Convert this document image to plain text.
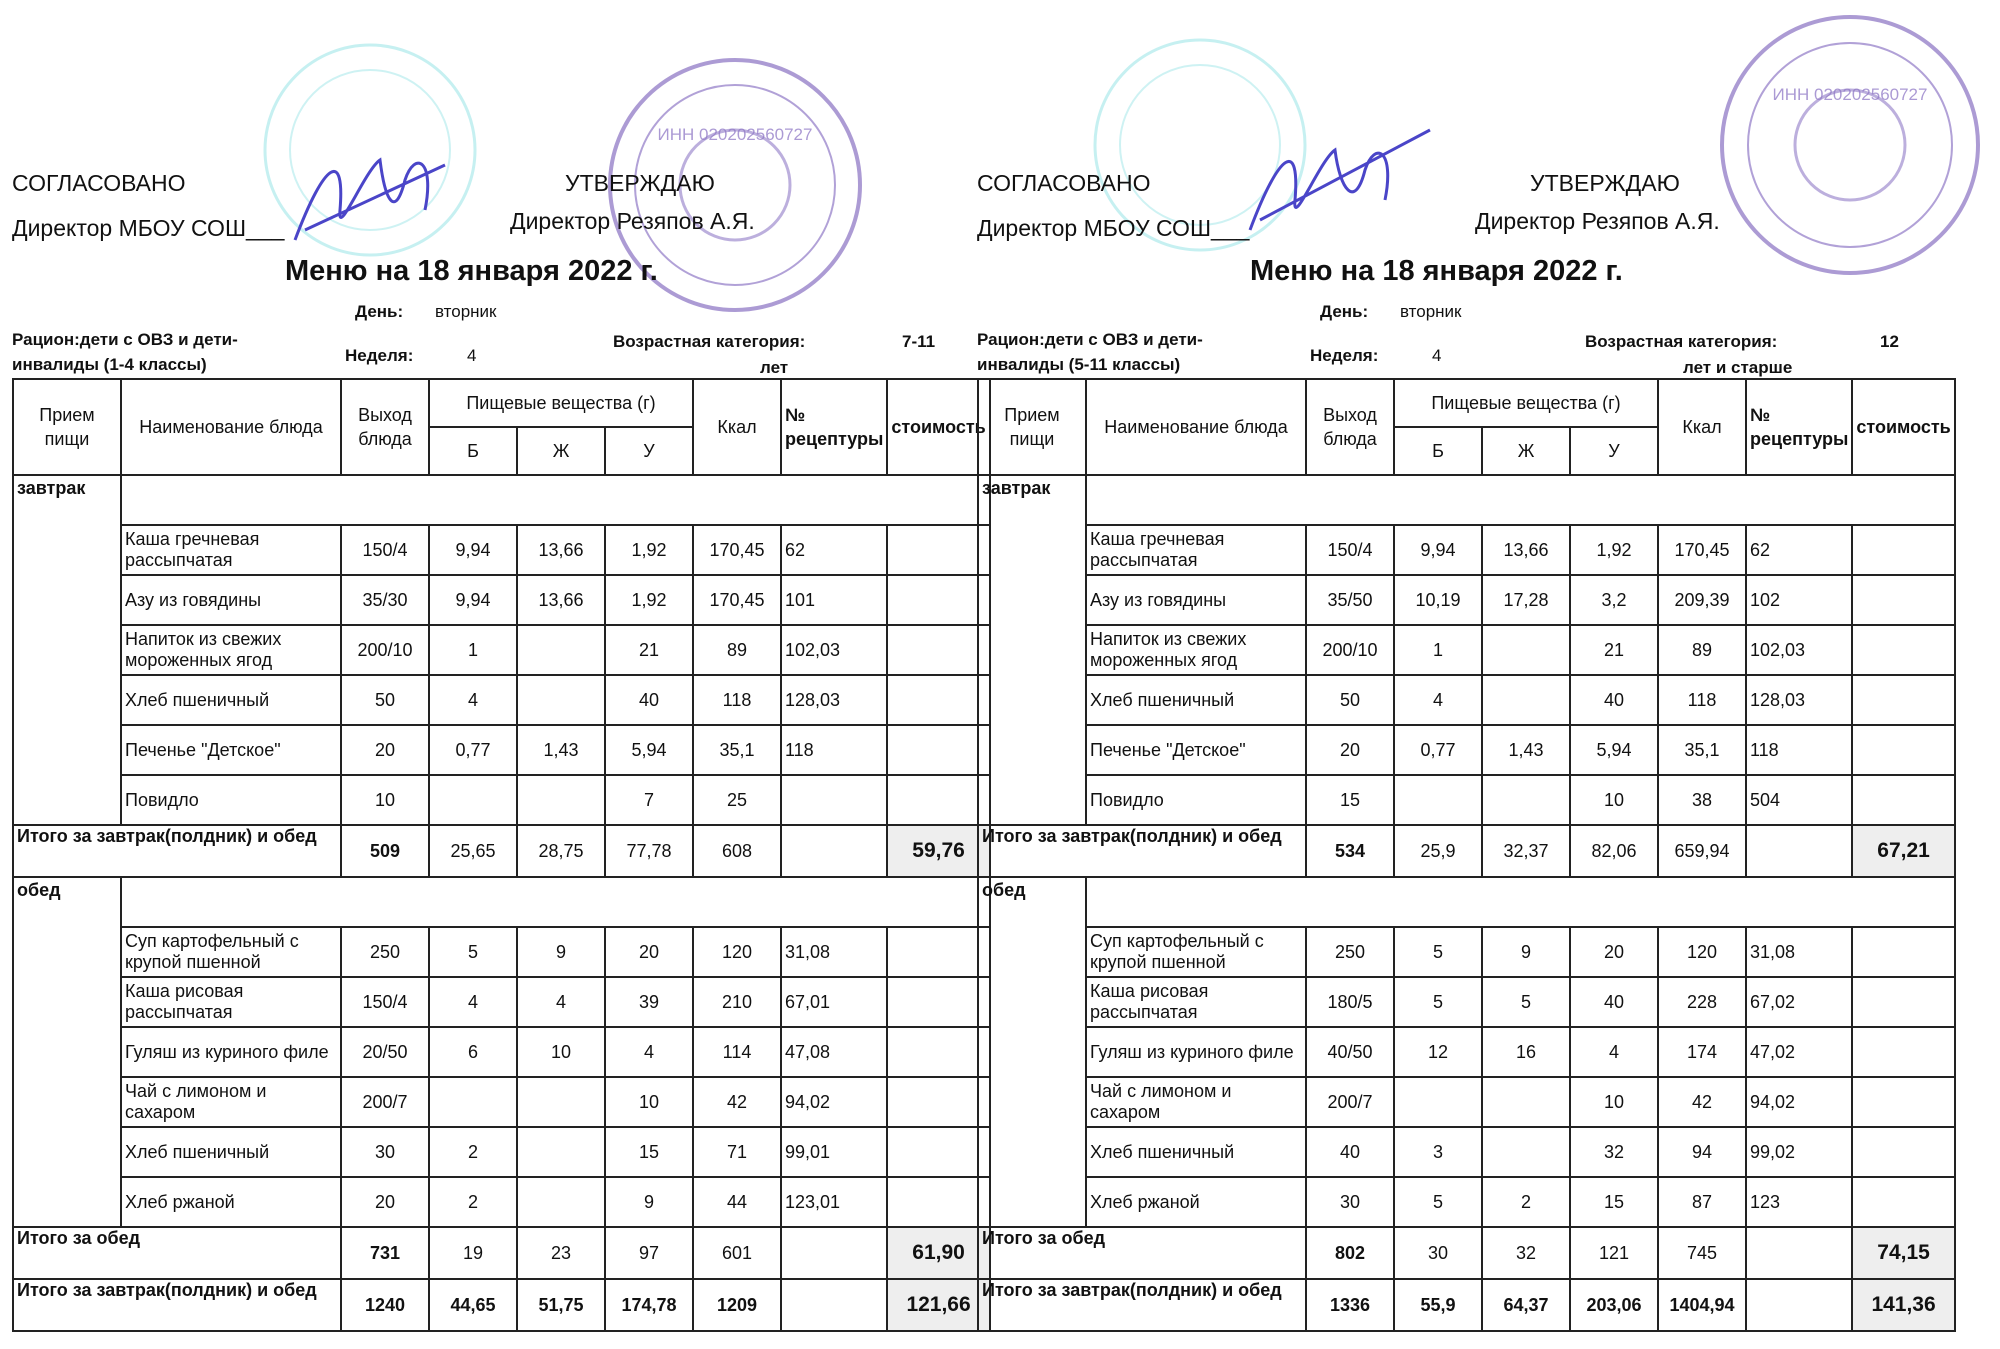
ИНН 020202560727
СОГЛАСОВАНО
Директор МБОУ СОШ___
УТВЕРЖДАЮ
Директор Резяпов А.Я.
Меню на 18 января 2022 г.
День: вторник
Рацион:дети с ОВЗ и дети-
инвалиды (1-4 классы)	Неделя:	4
Возрастная категория:	7-11
лет
Прием пищи	Наименование блюда	Выход блюда	Пищевые вещества (г)			Ккал	№ рецептуры	стоимость
			Б	Ж	У			
завтрак								
	Каша гречневая рассыпчатая	150/4	9,94	13,66	1,92	170,45	62	
	Азу из говядины	35/30	9,94	13,66	1,92	170,45	101	
	Напиток из свежих мороженных ягод	200/10	1		21	89	102,03	
	Хлеб пшеничный	50	4		40	118	128,03	
	Печенье "Детское"	20	0,77	1,43	5,94	35,1	118	
	Повидло	10			7	25		
Итого за завтрак(полдник) и обед		509	25,65	28,75	77,78	608		59,76
обед								
	Суп картофельный с крупой пшенной	250	5	9	20	120	31,08	
	Каша рисовая рассыпчатая	150/4	4	4	39	210	67,01	
	Гуляш из куриного филе	20/50	6	10	4	114	47,08	
	Чай с лимоном и сахаром	200/7			10	42	94,02	
	Хлеб пшеничный	30	2		15	71	99,01	
	Хлеб ржаной	20	2		9	44	123,01	
Итого за обед		731	19	23	97	601		61,90
Итого за завтрак(полдник) и обед		1240	44,65	51,75	174,78	1209		121,66
ИНН 020202560727
СОГЛАСОВАНО
Директор МБОУ СОШ___
УТВЕРЖДАЮ
Директор Резяпов А.Я.
Меню на 18 января 2022 г.
День: вторник
Рацион:дети с ОВЗ и дети-
инвалиды (5-11 классы)	Неделя:	4
Возрастная категория:	12
лет и старше
Прием пищи	Наименование блюда	Выход блюда	Пищевые вещества (г)			Ккал	№ рецептуры	стоимость
			Б	Ж	У			
завтрак								
	Каша гречневая рассыпчатая	150/4	9,94	13,66	1,92	170,45	62	
	Азу из говядины	35/50	10,19	17,28	3,2	209,39	102	
	Напиток из свежих мороженных ягод	200/10	1		21	89	102,03	
	Хлеб пшеничный	50	4		40	118	128,03	
	Печенье "Детское"	20	0,77	1,43	5,94	35,1	118	
	Повидло	15			10	38	504	
Итого за завтрак(полдник) и обед		534	25,9	32,37	82,06	659,94		67,21
обед								
	Суп картофельный с крупой пшенной	250	5	9	20	120	31,08	
	Каша рисовая рассыпчатая	180/5	5	5	40	228	67,02	
	Гуляш из куриного филе	40/50	12	16	4	174	47,02	
	Чай с лимоном и сахаром	200/7			10	42	94,02	
	Хлеб пшеничный	40	3		32	94	99,02	
	Хлеб ржаной	30	5	2	15	87	123	
Итого за обед		802	30	32	121	745		74,15
Итого за завтрак(полдник) и обед		1336	55,9	64,37	203,06	1404,94		141,36
